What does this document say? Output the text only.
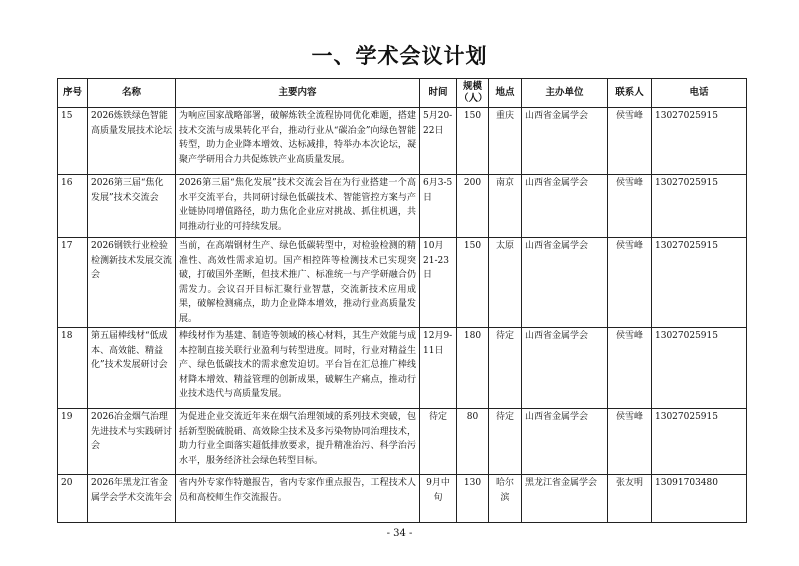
一、学术会议计划
序号	名称	主要内容	时间	规模（人）	地点	主办单位	联系人	电话
15	2026炼铁绿色智能高质量发展技术论坛	为响应国家战略部署，破解炼铁全流程协同优化难题，搭建技术交流与成果转化平台，推动行业从“碳冶金”向绿色智能转型，助力企业降本增效、达标减排，特举办本次论坛，凝聚产学研用合力共促炼铁产业高质量发展。	5月20-22日	150	重庆	山西省金属学会	侯雪峰	13027025915
16	2026第三届“焦化发展”技术交流会	2026第三届“焦化发展”技术交流会旨在为行业搭建一个高水平交流平台，共同研讨绿色低碳技术、智能管控方案与产业链协同增值路径，助力焦化企业应对挑战、抓住机遇，共同推动行业的可持续发展。	6月3-5日	200	南京	山西省金属学会	侯雪峰	13027025915
17	2026钢铁行业检验检测新技术发展交流会	当前，在高端钢材生产、绿色低碳转型中，对检验检测的精准性、高效性需求迫切。国产相控阵等检测技术已实现突破，打破国外垄断，但技术推广、标准统一与产学研融合仍需发力。会议召开目标汇聚行业智慧，交流新技术应用成果，破解检测痛点，助力企业降本增效，推动行业高质量发展。	10月21-23日	150	太原	山西省金属学会	侯雪峰	13027025915
18	第五届棒线材“低成本、高效能、精益化”技术发展研讨会	棒线材作为基建、制造等领域的核心材料，其生产效能与成本控制直接关联行业盈利与转型进度。同时，行业对精益生产、绿色低碳技术的需求愈发迫切。平台旨在汇总推广棒线材降本增效、精益管理的创新成果，破解生产痛点，推动行业技术迭代与高质量发展。	12月9-11日	180	待定	山西省金属学会	侯雪峰	13027025915
19	2026冶金烟气治理先进技术与实践研讨会	为促进企业交流近年来在烟气治理领域的系列技术突破，包括新型脱硫脱硝、高效除尘技术及多污染物协同治理技术，助力行业全面落实超低排放要求，提升精准治污、科学治污水平，服务经济社会绿色转型目标。	待定	80	待定	山西省金属学会	侯雪峰	13027025915
20	2026年黑龙江省金属学会学术交流年会	省内外专家作特邀报告，省内专家作重点报告，工程技术人员和高校师生作交流报告。	9月中旬	130	哈尔滨	黑龙江省金属学会	张友明	13091703480
- 34 -
